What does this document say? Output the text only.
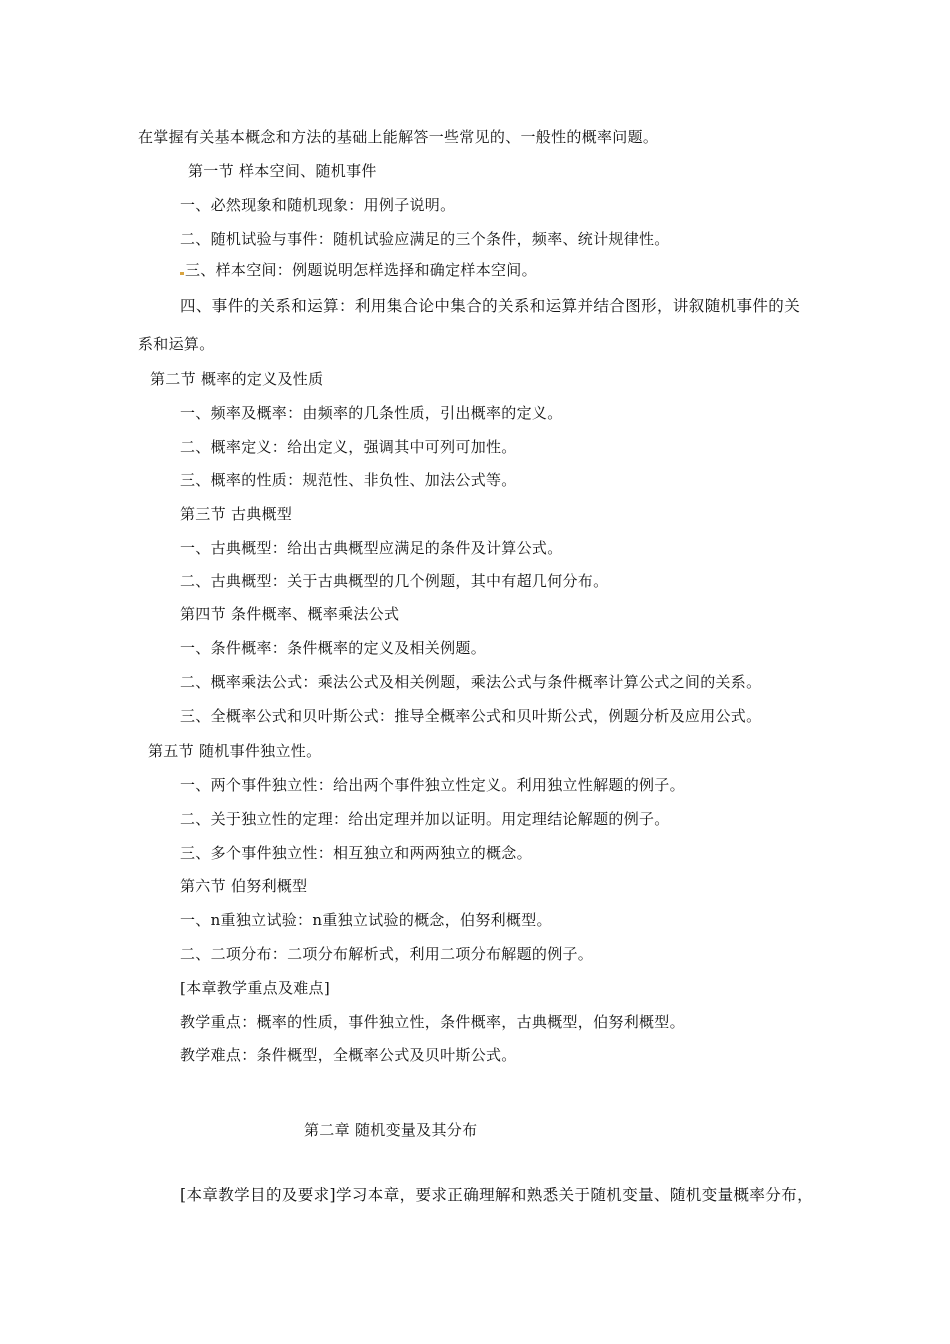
在掌握有关基本概念和方法的基础上能解答一些常见的、一般性的概率问题。
第一节 样本空间、随机事件
一、必然现象和随机现象：用例子说明。
二、随机试验与事件：随机试验应满足的三个条件，频率、统计规律性。
三、样本空间：例题说明怎样选择和确定样本空间。
四、事件的关系和运算：利用集合论中集合的关系和运算并结合图形，讲叙随机事件的关
系和运算。
第二节 概率的定义及性质
一、频率及概率：由频率的几条性质，引出概率的定义。
二、概率定义：给出定义，强调其中可列可加性。
三、概率的性质：规范性、非负性、加法公式等。
第三节 古典概型
一、古典概型：给出古典概型应满足的条件及计算公式。
二、古典概型：关于古典概型的几个例题，其中有超几何分布。
第四节 条件概率、概率乘法公式
一、条件概率：条件概率的定义及相关例题。
二、概率乘法公式：乘法公式及相关例题，乘法公式与条件概率计算公式之间的关系。
三、全概率公式和贝叶斯公式：推导全概率公式和贝叶斯公式，例题分析及应用公式。
第五节 随机事件独立性。
一、两个事件独立性：给出两个事件独立性定义。利用独立性解题的例子。
二、关于独立性的定理：给出定理并加以证明。用定理结论解题的例子。
三、多个事件独立性：相互独立和两两独立的概念。
第六节 伯努利概型
一、n重独立试验：n重独立试验的概念，伯努利概型。
二、二项分布：二项分布解析式，利用二项分布解题的例子。
[本章教学重点及难点]
教学重点：概率的性质，事件独立性，条件概率，古典概型，伯努利概型。
教学难点：条件概型，全概率公式及贝叶斯公式。
第二章 随机变量及其分布
[本章教学目的及要求]学习本章，要求正确理解和熟悉关于随机变量、随机变量概率分布，
